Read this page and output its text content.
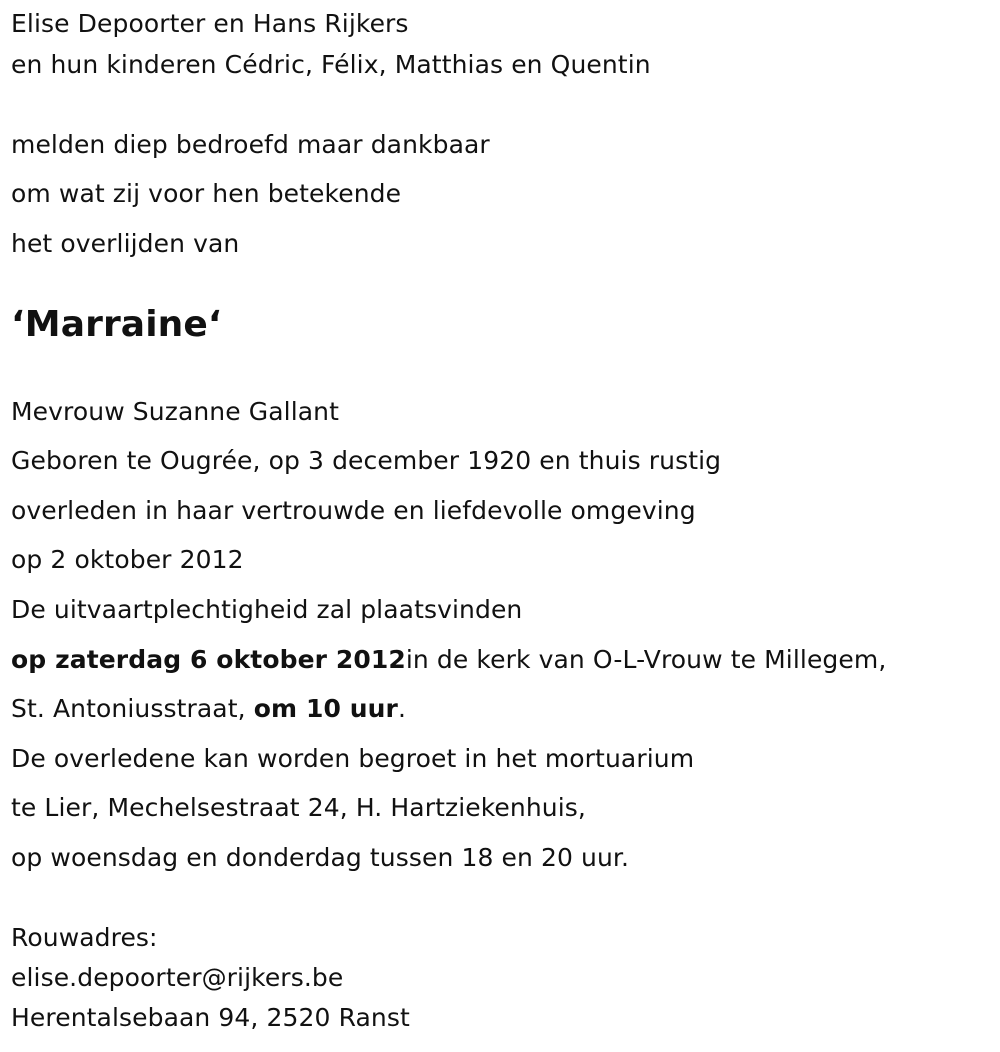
Elise Depoorter en Hans Rijkers
en hun kinderen Cédric, Félix, Matthias en Quentin
melden diep bedroefd maar dankbaar
om wat zij voor hen betekende
het overlijden van
‘Marraine‘
Mevrouw Suzanne Gallant
Geboren te Ougrée, op 3 december 1920 en thuis rustig
overleden in haar vertrouwde en liefdevolle omgeving
op 2 oktober 2012
De uitvaartplechtigheid zal plaatsvinden
op zaterdag 6 oktober 2012in de kerk van O-L-Vrouw te Millegem,
St. Antoniusstraat, om 10 uur.
De overledene kan worden begroet in het mortuarium
te Lier, Mechelsestraat 24, H. Hartziekenhuis,
op woensdag en donderdag tussen 18 en 20 uur.
Rouwadres:
elise.depoorter@rijkers.be
Herentalsebaan 94, 2520 Ranst
